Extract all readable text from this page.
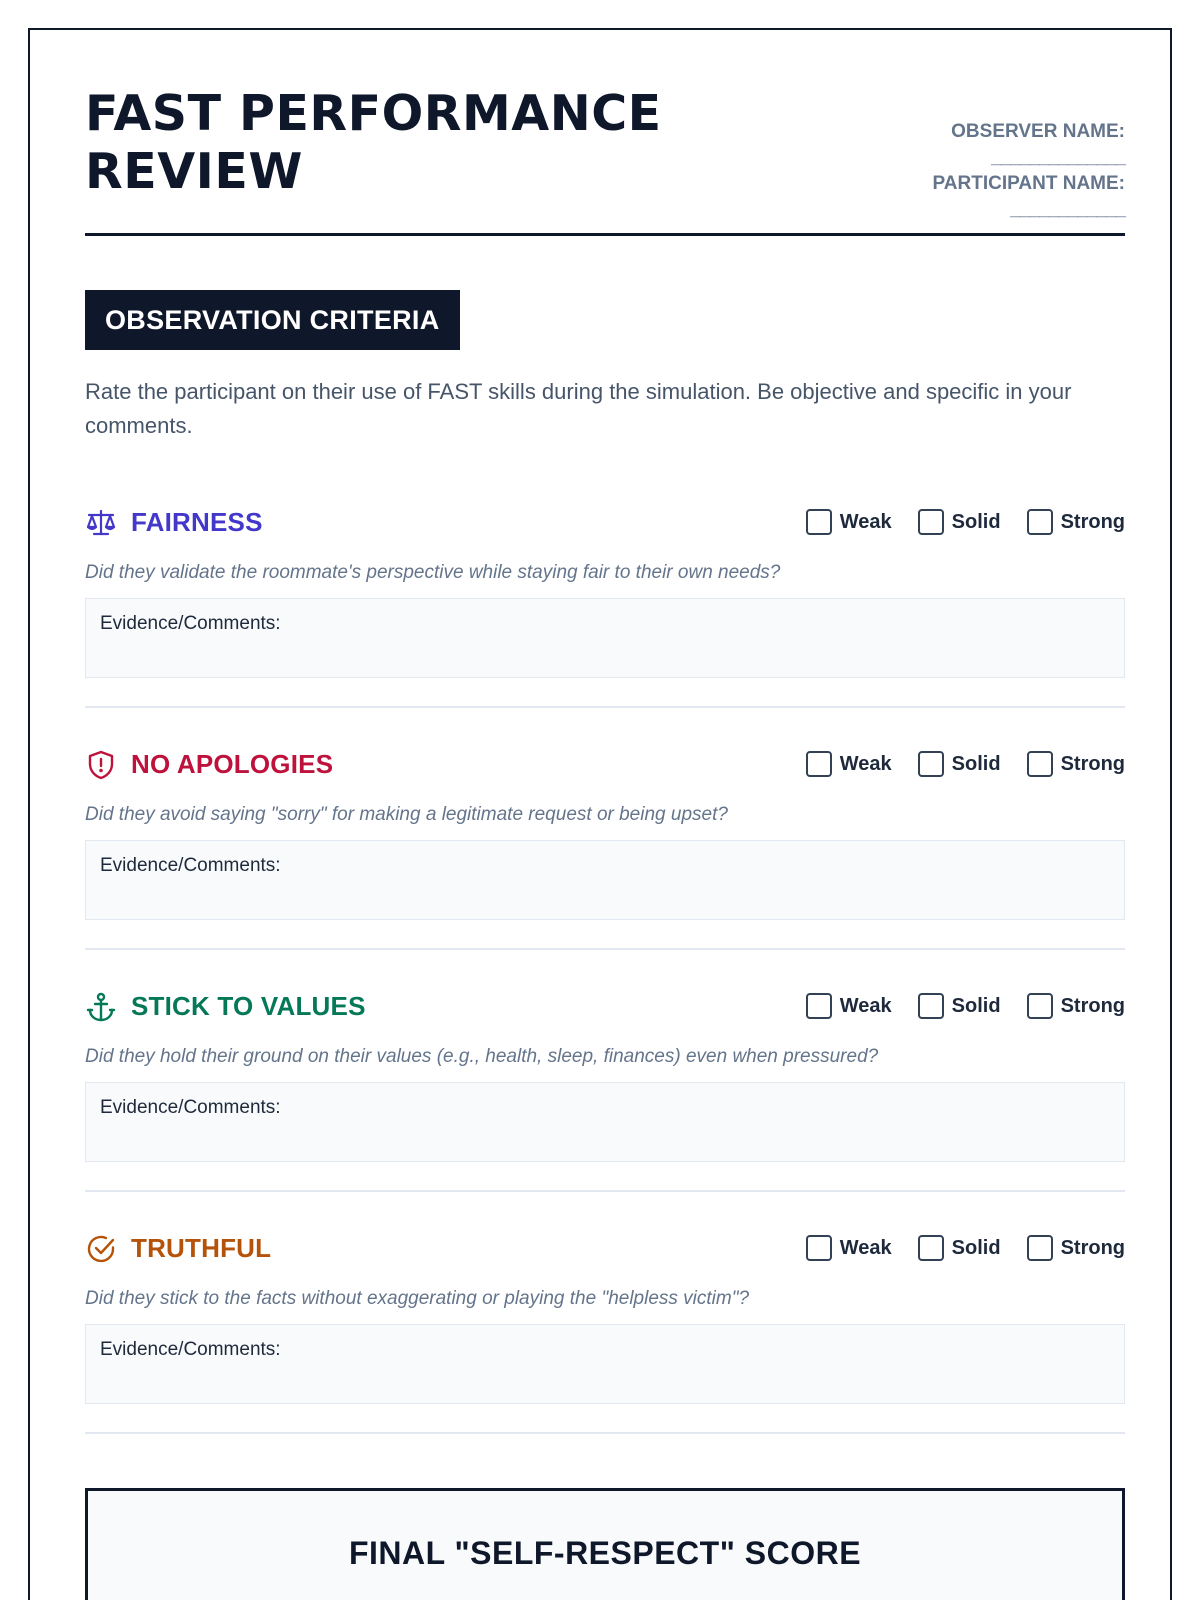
FAST PERFORMANCE REVIEW
OBSERVER NAME:
______________
PARTICIPANT NAME:
____________
OBSERVATION CRITERIA
Rate the participant on their use of FAST skills during the simulation. Be objective and specific in your comments.
FAIRNESS	Weak	Solid	Strong
Did they validate the roommate's perspective while staying fair to their own needs?
Evidence/Comments:
NO APOLOGIES	Weak	Solid	Strong
Did they avoid saying "sorry" for making a legitimate request or being upset?
Evidence/Comments:
STICK TO VALUES	Weak	Solid	Strong
Did they hold their ground on their values (e.g., health, sleep, finances) even when pressured?
Evidence/Comments:
TRUTHFUL	Weak	Solid	Strong
Did they stick to the facts without exaggerating or playing the "helpless victim"?
Evidence/Comments:
FINAL "SELF-RESPECT" SCORE
